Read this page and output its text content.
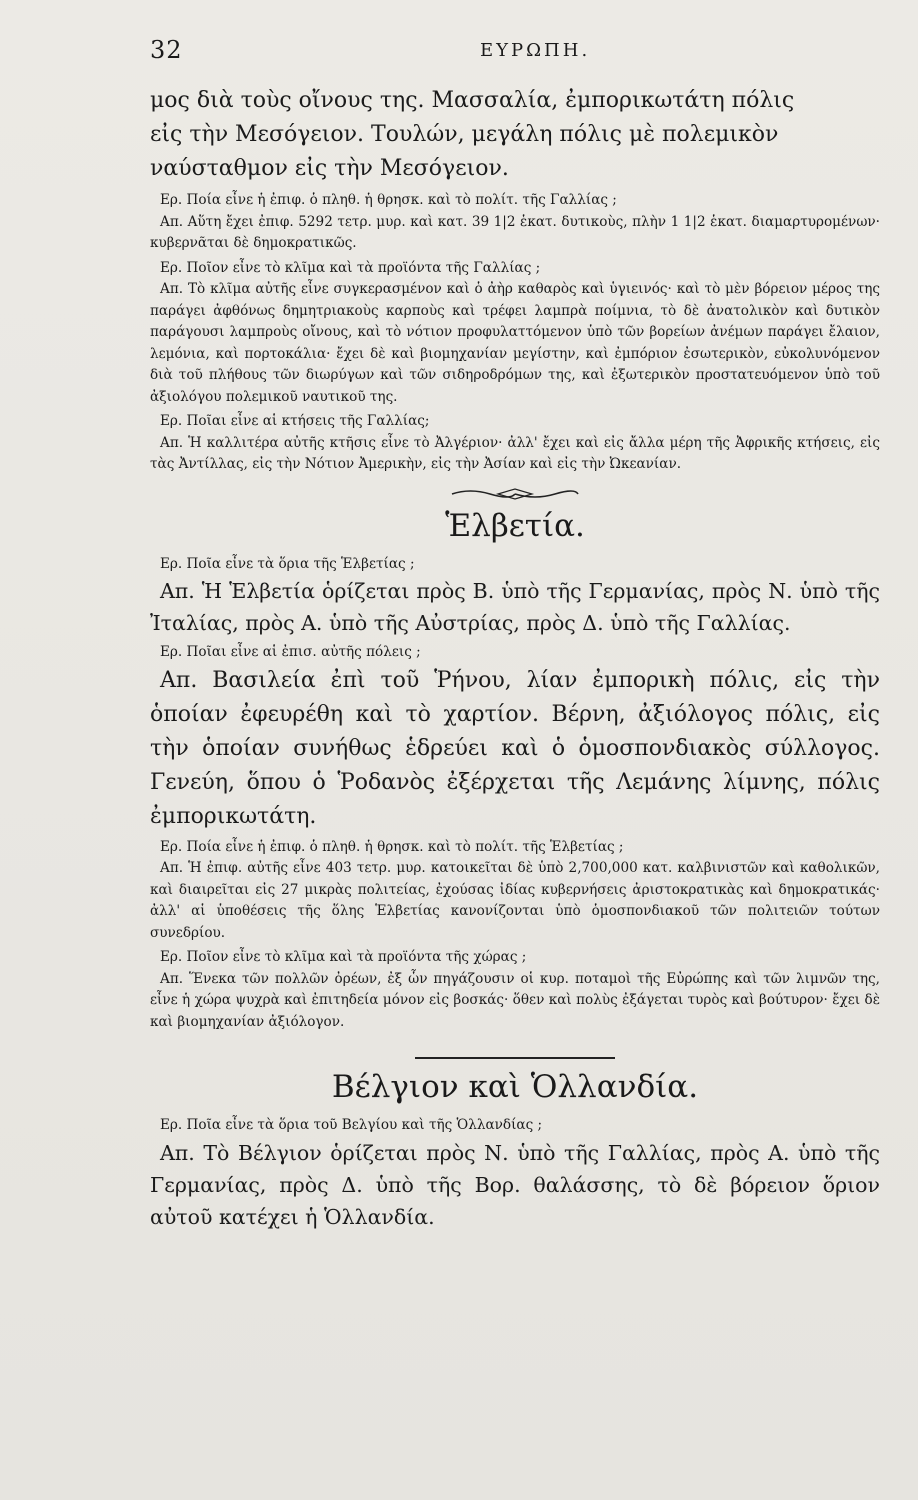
32	ΕΥΡΩΠΗ.

μος διὰ τοὺς οἴνους της. Μασσαλία, ἐμπορικωτάτη πόλις

εἰς τὴν Μεσόγειον. Τουλών, μεγάλη πόλις μὲ πολεμικὸν

ναύσταθμον εἰς τὴν Μεσόγειον.

Ερ. Ποία εἶνε ἡ ἐπιφ. ὁ πληθ. ἡ θρησκ. καὶ τὸ πολίτ. τῆς Γαλλίας ;

Απ. Αὕτη ἔχει ἐπιφ. 5292 τετρ. μυρ. καὶ κατ. 39 1|2 ἑκατ. δυτικοὺς, πλὴν 1 1|2 ἑκατ. διαμαρτυρομένων· κυβερνᾶται δὲ δημοκρατικῶς.

Ερ. Ποῖον εἶνε τὸ κλῖμα καὶ τὰ προϊόντα τῆς Γαλλίας ;

Απ. Τὸ κλῖμα αὐτῆς εἶνε συγκερασμένον καὶ ὁ ἀὴρ καθαρὸς καὶ ὑγιεινός· καὶ τὸ μὲν βόρειον μέρος της παράγει ἀφθόνως δημητριακοὺς καρποὺς καὶ τρέφει λαμπρὰ ποίμνια, τὸ δὲ ἀνατολικὸν καὶ δυτικὸν παράγουσι λαμπροὺς οἴνους, καὶ τὸ νότιον προφυλαττόμενον ὑπὸ τῶν βορείων ἀνέμων παράγει ἔλαιον, λεμόνια, καὶ πορτοκάλια· ἔχει δὲ καὶ βιομηχανίαν μεγίστην, καὶ ἐμπόριον ἐσωτερικὸν, εὐκολυνόμενον διὰ τοῦ πλήθους τῶν διωρύγων καὶ τῶν σιδηροδρόμων της, καὶ ἐξωτερικὸν προστατευόμενον ὑπὸ τοῦ ἀξιολόγου πολεμικοῦ ναυτικοῦ της.

Ερ. Ποῖαι εἶνε αἱ κτήσεις τῆς Γαλλίας;

Απ. Ἡ καλλιτέρα αὐτῆς κτῆσις εἶνε τὸ Ἀλγέριον· ἀλλ' ἔχει καὶ εἰς ἄλλα μέρη τῆς Ἀφρικῆς κτήσεις, εἰς τὰς Ἀντίλλας, εἰς τὴν Νότιον Ἀμερικὴν, εἰς τὴν Ἀσίαν καὶ εἰς τὴν Ὠκεανίαν.

Ἑλβετία.

Ερ. Ποῖα εἶνε τὰ ὅρια τῆς Ἑλβετίας ;

Απ. Ἡ Ἑλβετία ὁρίζεται πρὸς Β. ὑπὸ τῆς Γερμανίας, πρὸς Ν. ὑπὸ τῆς Ἰταλίας, πρὸς Α. ὑπὸ τῆς Αὐστρίας, πρὸς Δ. ὑπὸ τῆς Γαλλίας.

Ερ. Ποῖαι εἶνε αἱ ἐπισ. αὐτῆς πόλεις ;

Απ. Βασιλεία ἐπὶ τοῦ Ῥήνου, λίαν ἐμπορικὴ πόλις, εἰς τὴν ὁποίαν ἐφευρέθη καὶ τὸ χαρτίον. Βέρνη, ἀξιόλογος πόλις, εἰς τὴν ὁποίαν συνήθως ἑδρεύει καὶ ὁ ὁμοσπονδιακὸς σύλλογος. Γενεύη, ὅπου ὁ Ῥοδανὸς ἐξέρχεται τῆς Λεμάνης λίμνης, πόλις ἐμπορικωτάτη.

Ερ. Ποία εἶνε ἡ ἐπιφ. ὁ πληθ. ἡ θρησκ. καὶ τὸ πολίτ. τῆς Ἑλβετίας ;

Απ. Ἡ ἐπιφ. αὐτῆς εἶνε 403 τετρ. μυρ. κατοικεῖται δὲ ὑπὸ 2,700,000 κατ. καλβινιστῶν καὶ καθολικῶν, καὶ διαιρεῖται εἰς 27 μικρὰς πολιτείας, ἐχούσας ἰδίας κυβερνήσεις ἀριστοκρατικὰς καὶ δημοκρατικάς· ἀλλ' αἱ ὑποθέσεις τῆς ὅλης Ἑλβετίας κανονίζονται ὑπὸ ὁμοσπονδιακοῦ τῶν πολιτειῶν τούτων συνεδρίου.

Ερ. Ποῖον εἶνε τὸ κλῖμα καὶ τὰ προϊόντα τῆς χώρας ;

Απ. Ἕνεκα τῶν πολλῶν ὀρέων, ἐξ ὧν πηγάζουσιν οἱ κυρ. ποταμοὶ τῆς Εὐρώπης καὶ τῶν λιμνῶν της, εἶνε ἡ χώρα ψυχρὰ καὶ ἐπιτηδεία μόνον εἰς βοσκάς· ὅθεν καὶ πολὺς ἐξάγεται τυρὸς καὶ βούτυρον· ἔχει δὲ καὶ βιομηχανίαν ἀξιόλογον.

Βέλγιον καὶ Ὁλλανδία.

Ερ. Ποῖα εἶνε τὰ ὅρια τοῦ Βελγίου καὶ τῆς Ὁλλανδίας ;

Απ. Τὸ Βέλγιον ὁρίζεται πρὸς Ν. ὑπὸ τῆς Γαλλίας, πρὸς Α. ὑπὸ τῆς Γερμανίας, πρὸς Δ. ὑπὸ τῆς Βορ. θαλάσσης, τὸ δὲ βόρειον ὅριον αὐτοῦ κατέχει ἡ Ὁλλανδία.
